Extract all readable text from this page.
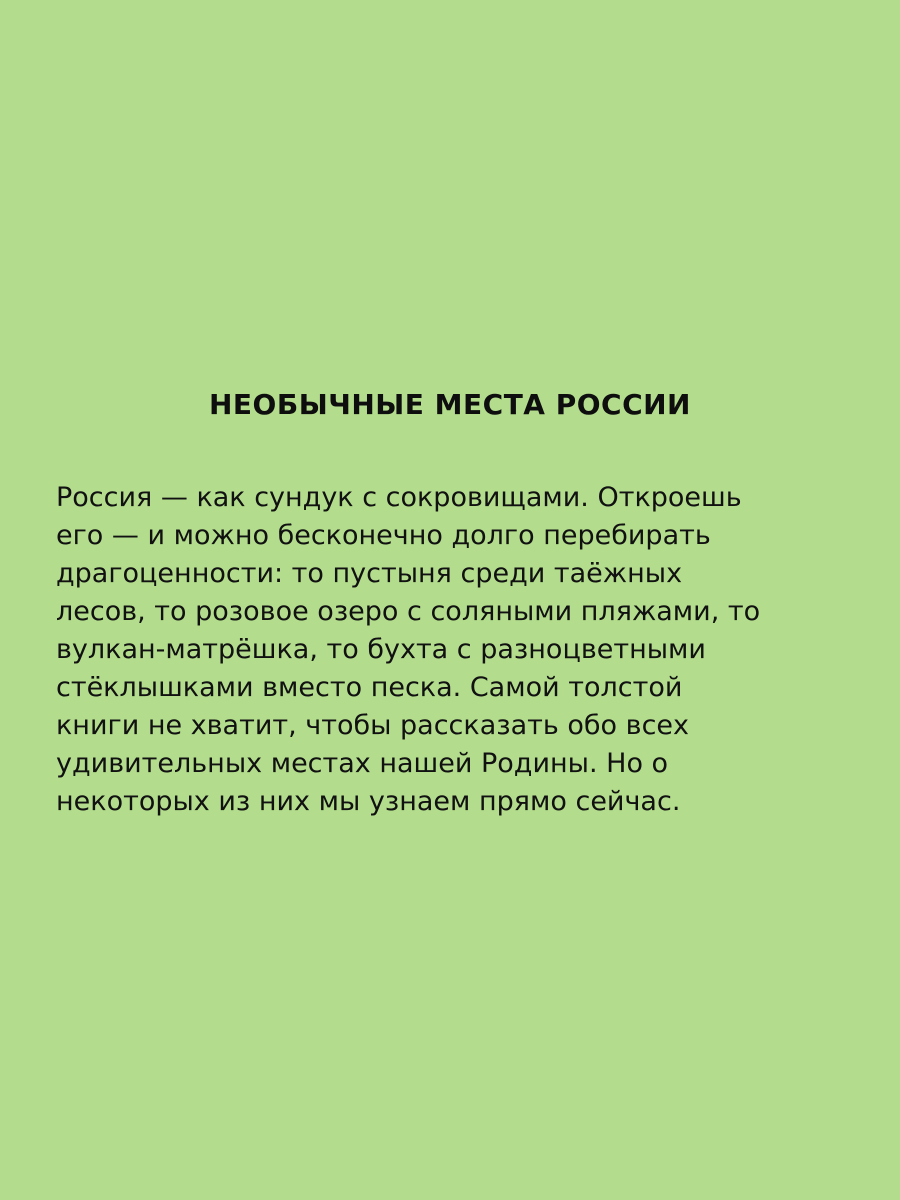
НЕОБЫЧНЫЕ МЕСТА РОССИИ

Россия — как сундук с сокровищами. Откроешь
его — и можно бесконечно долго перебирать
драгоценности: то пустыня среди таёжных
лесов, то розовое озеро с соляными пляжами, то
вулкан-матрёшка, то бухта с разноцветными
стёклышками вместо песка. Самой толстой
книги не хватит, чтобы рассказать обо всех
удивительных местах нашей Родины. Но о
некоторых из них мы узнаем прямо сейчас.
